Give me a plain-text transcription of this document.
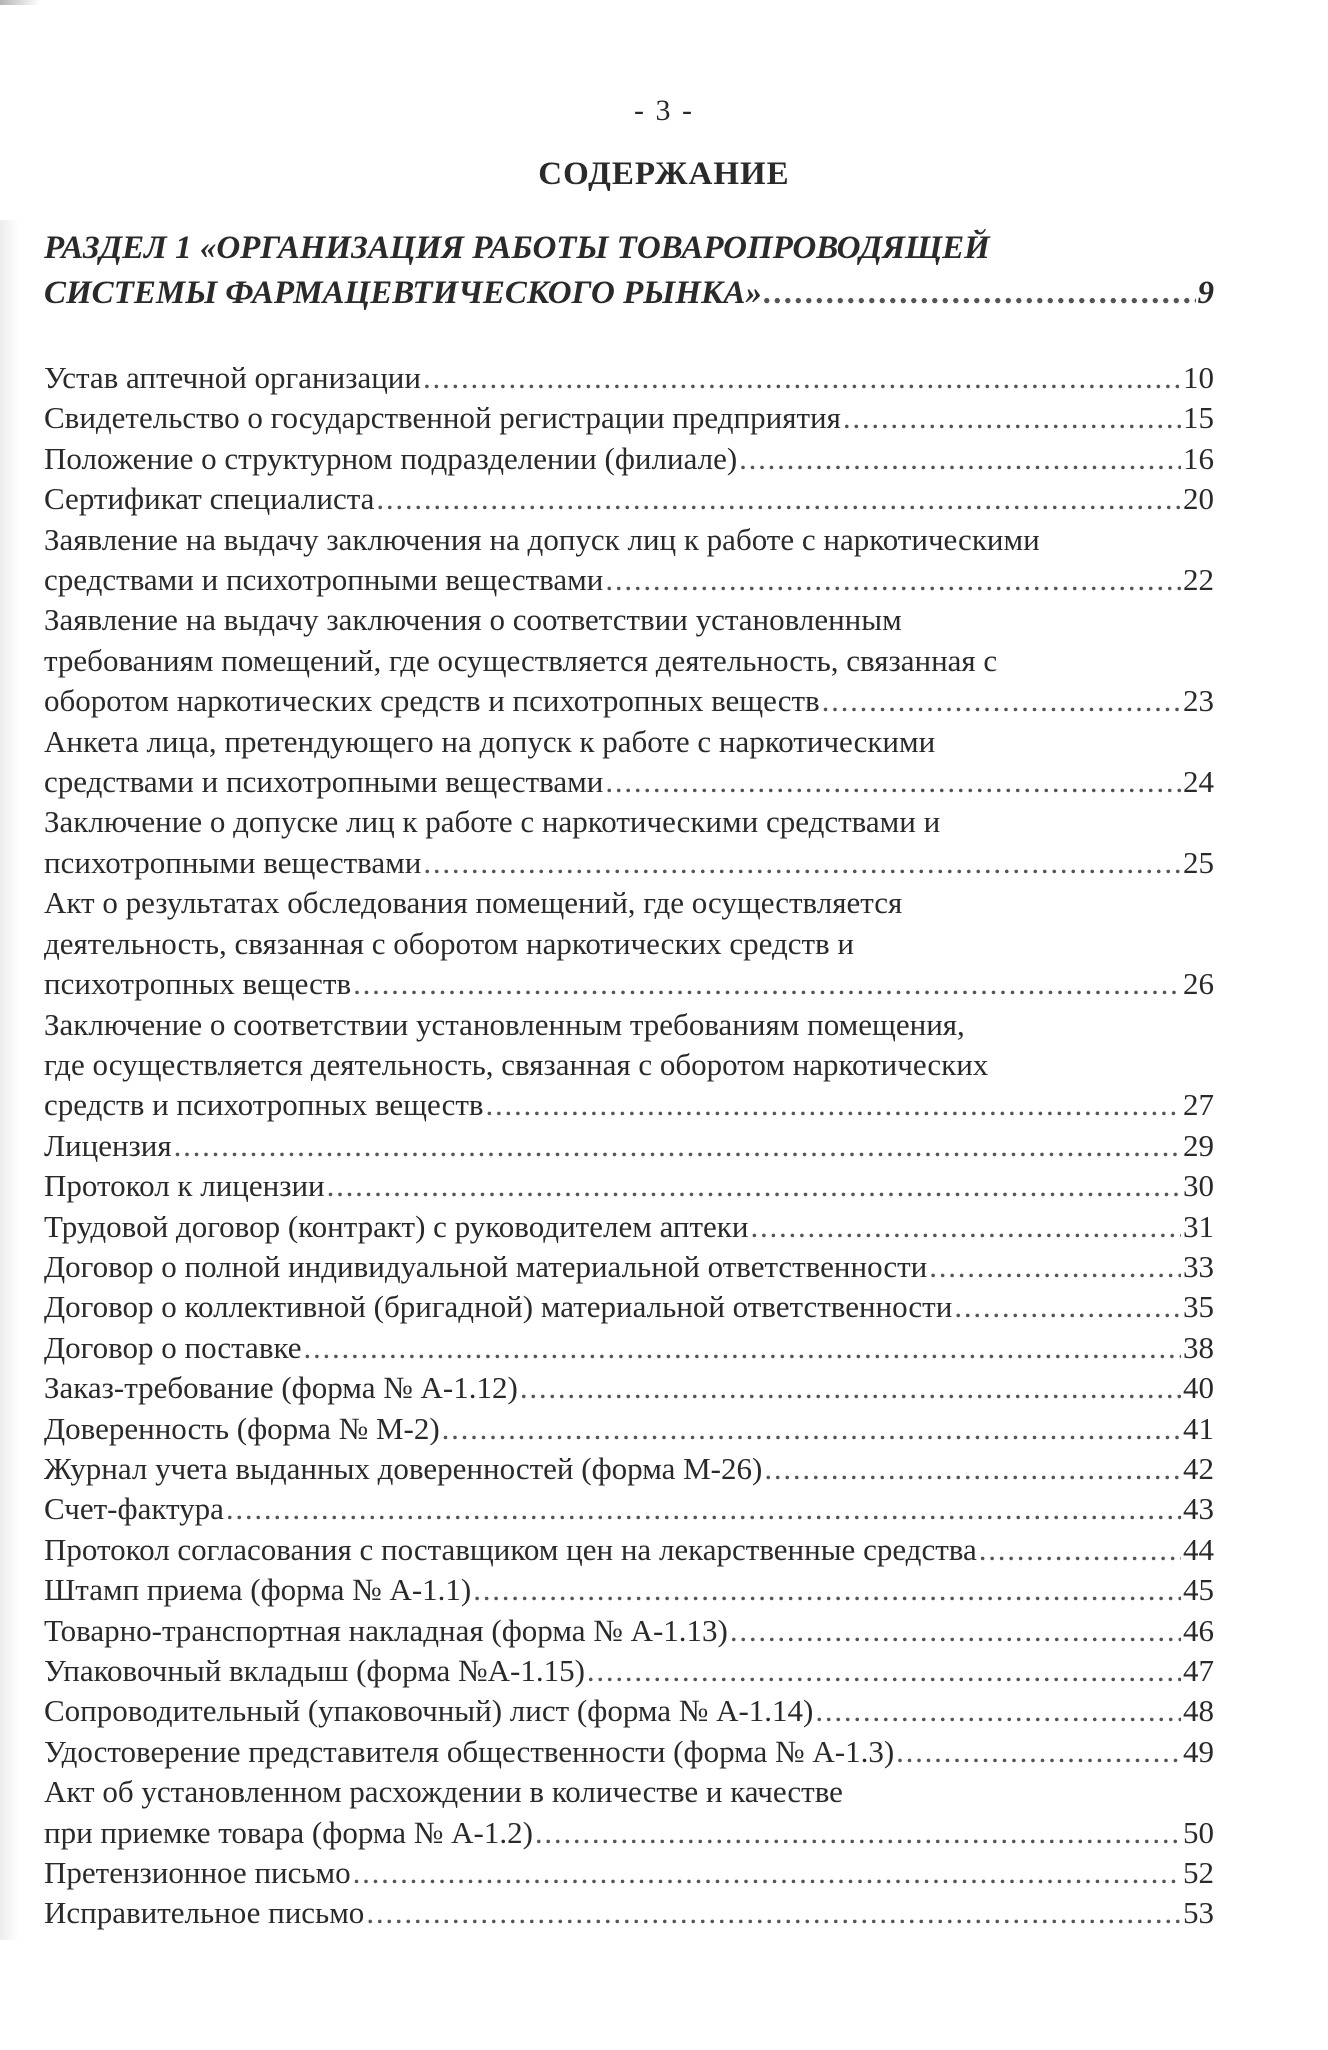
- 3 -
СОДЕРЖАНИЕ
РАЗДЕЛ 1 «ОРГАНИЗАЦИЯ РАБОТЫ ТОВАРОПРОВОДЯЩЕЙ
СИСТЕМЫ ФАРМАЦЕВТИЧЕСКОГО РЫНКА» . . .	9
Устав аптечной организации . . .	10
Свидетельство о государственной регистрации предприятия . . .	15
Положение о структурном подразделении (филиале) . . .	16
Сертификат специалиста . . .	20
Заявление на выдачу заключения на допуск лиц к работе с наркотическими
средствами и психотропными веществами . . .	22
Заявление на выдачу заключения о соответствии установленным
требованиям помещений, где осуществляется деятельность, связанная с
оборотом наркотических средств и психотропных веществ . . .	23
Анкета лица, претендующего на допуск к работе с наркотическими
средствами и психотропными веществами . . .	24
Заключение о допуске лиц к работе с наркотическими средствами и
психотропными веществами . . .	25
Акт о результатах обследования помещений, где осуществляется
деятельность, связанная с оборотом наркотических средств и
психотропных веществ . . .	26
Заключение о соответствии установленным требованиям помещения,
где осуществляется деятельность, связанная с оборотом наркотических
средств и психотропных веществ . . .	27
Лицензия . . .	29
Протокол к лицензии . . .	30
Трудовой договор (контракт) с руководителем аптеки . . .	31
Договор о полной индивидуальной материальной ответственности . . .	33
Договор о коллективной (бригадной) материальной ответственности . . .	35
Договор о поставке . . .	38
Заказ-требование (форма № А-1.12) . . .	40
Доверенность (форма № М-2) . . .	41
Журнал учета выданных доверенностей (форма М-26) . . .	42
Счет-фактура . . .	43
Протокол согласования с поставщиком цен на лекарственные средства . . .	44
Штамп приема (форма № А-1.1) . . .	45
Товарно-транспортная накладная (форма № А-1.13) . . .	46
Упаковочный вкладыш (форма №А-1.15) . . .	47
Сопроводительный (упаковочный) лист (форма № А-1.14) . . .	48
Удостоверение представителя общественности (форма № А-1.3) . . .	49
Акт об установленном расхождении в количестве и качестве
при приемке товара (форма № А-1.2) . . .	50
Претензионное письмо . . .	52
Исправительное письмо . . .	53
